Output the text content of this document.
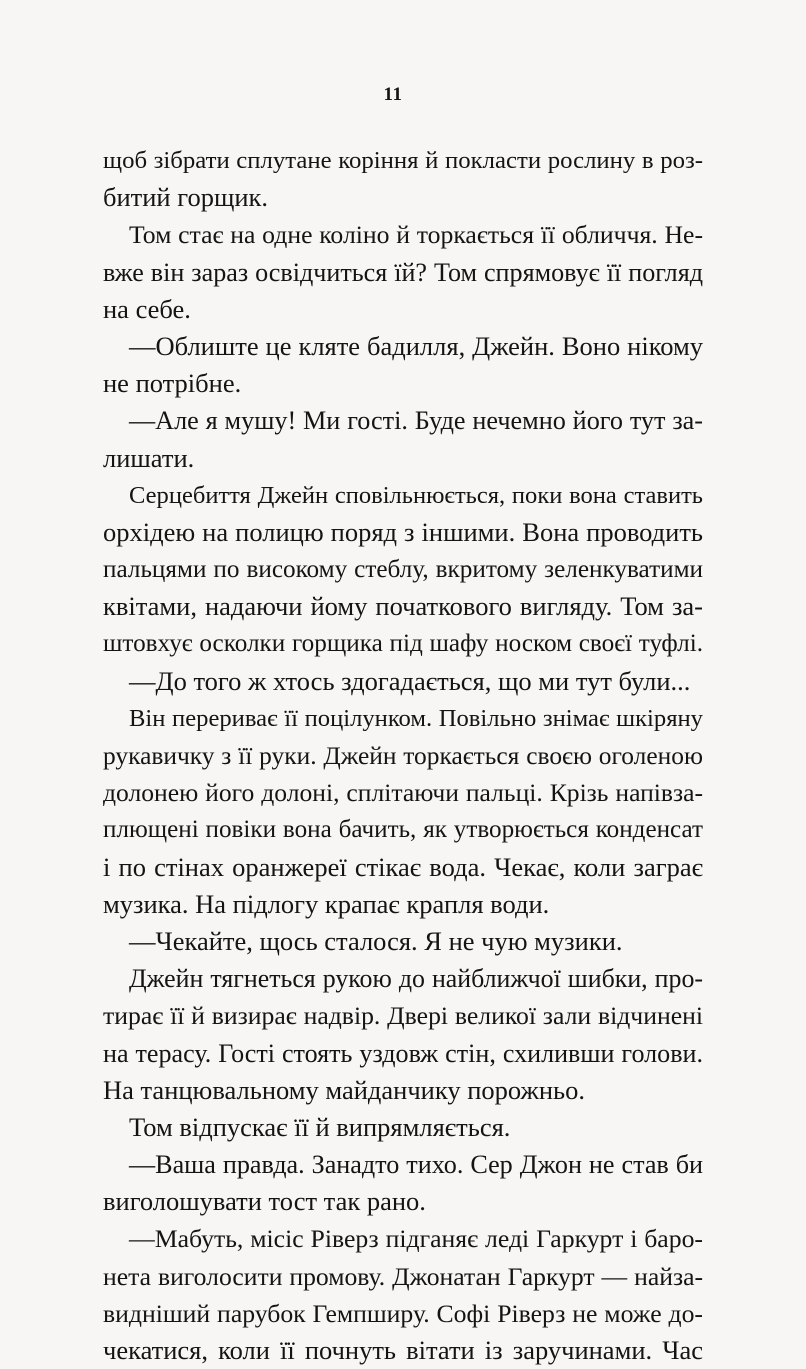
11
щоб зібрати сплутане коріння й покласти рослину в роз-
битий горщик.
Том стає на одне коліно й торкається її обличчя. Не-
вже він зараз освідчиться їй? Том спрямовує її погляд
на себе.
—Облиште це кляте бадилля, Джейн. Воно нікому
не потрібне.
—Але я мушу! Ми гості. Буде нечемно його тут за-
лишати.
Серцебиття Джейн сповільнюється, поки вона ставить
орхідею на полицю поряд з іншими. Вона проводить
пальцями по високому стеблу, вкритому зеленкуватими
квітами, надаючи йому початкового вигляду. Том за-
штовхує осколки горщика під шафу носком своєї туфлі.
—До того ж хтось здогадається, що ми тут були...
Він перериває її поцілунком. Повільно знімає шкіряну
рукавичку з її руки. Джейн торкається своєю оголеною
долонею його долоні, сплітаючи пальці. Крізь напівза-
плющені повіки вона бачить, як утворюється конденсат
і по стінах оранжереї стікає вода. Чекає, коли заграє
музика. На підлогу крапає крапля води.
—Чекайте, щось сталося. Я не чую музики.
Джейн тягнеться рукою до найближчої шибки, про-
тирає її й визирає надвір. Двері великої зали відчинені
на терасу. Гості стоять уздовж стін, схиливши голови.
На танцювальному майданчику порожньо.
Том відпускає її й випрямляється.
—Ваша правда. Занадто тихо. Сер Джон не став би
виголошувати тост так рано.
—Мабуть, місіс Ріверз підганяє леді Гаркурт і баро-
нета виголосити промову. Джонатан Гаркурт — найза-
видніший парубок Гемпширу. Софі Ріверз не може до-
чекатися, коли її почнуть вітати із заручинами. Час
